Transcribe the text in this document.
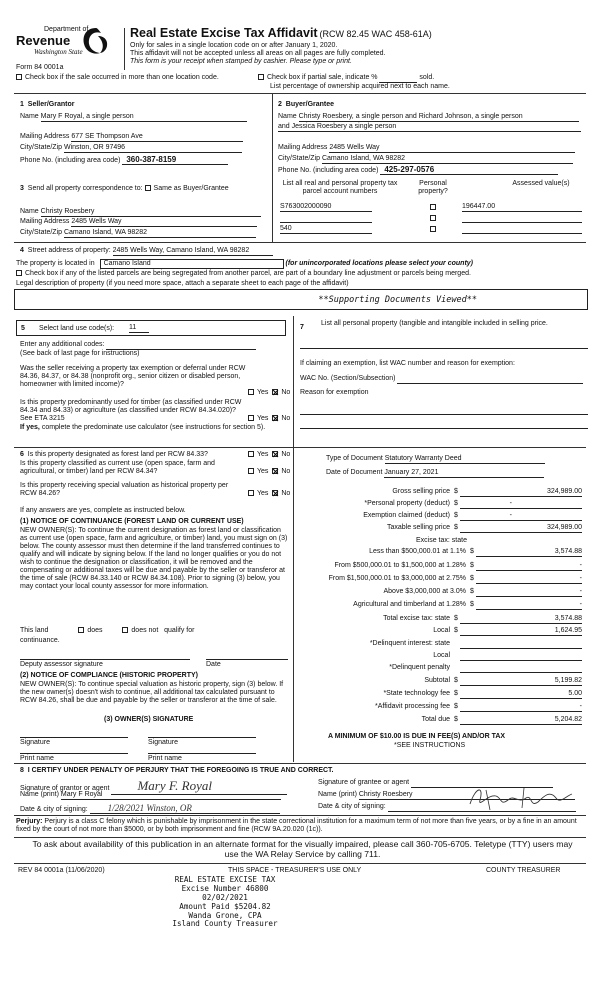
Department of
Revenue
Washington State
Form 84 0001a
Real Estate Excise Tax Affidavit (RCW 82.45 WAC 458-61A)
Only for sales in a single location code on or after January 1, 2020.
This affidavit will not be accepted unless all areas on all pages are fully completed.
This form is your receipt when stamped by cashier. Please type or print.
Check box if the sale occurred in more than one location code.	Check box if partial sale, indicate %	sold.
List percentage of ownership acquired next to each name.
1 Seller/Grantor
Name Mary F Royal, a single person
Mailing Address 677 SE Thompson Ave
City/State/Zip Winston, OR 97496
Phone No. (including area code) 360-387-8159
2 Buyer/Grantee
Name Christy Roesbery, a single person and Richard Johnson, a single person
and Jessica Roesbery a single person
Mailing Address 2485 Wells Way
City/State/Zip Camano Island, WA 98282
Phone No. (including area code) 425-297-0576
3 Send all property correspondence to: Same as Buyer/Grantee
Name Christy Roesbery
Mailing Address 2485 Wells Way
City/State/Zip Camano Island, WA 98282
List all real and personal property tax parcel account numbers
Personal property?
Assessed value(s)
S763002000090	196447.00

540

4 Street address of property: 2485 Wells Way, Camano Island, WA 98282
The property is located in Camano Island	(for unincorporated locations please select your county)
Check box if any of the listed parcels are being segregated from another parcel, are part of a boundary line adjustment or parcels being merged.
Legal description of property (if you need more space, attach a separate sheet to each page of the affidavit)
**Supporting Documents Viewed**
5 Select land use code(s): 11
Enter any additional codes:
(See back of last page for instructions)
Was the seller receiving a property tax exemption or deferral under RCW 84.36, 84.37, or 84.38 (nonprofit org., senior citizen or disabled person, homeowner with limited income)?
Yes No
Is this property predominantly used for timber (as classified under RCW 84.34 and 84.33) or agriculture (as classified under RCW 84.34.020)? See ETA 3215	Yes No
If yes, complete the predominate use calculator (see instructions for section 5).
7
List all personal property (tangible and intangible included in selling price.

If claiming an exemption, list WAC number and reason for exemption:
WAC No. (Section/Subsection)
Reason for exemption

6 Is this property designated as forest land per RCW 84.33?	Yes No
Is this property classified as current use (open space, farm and agricultural, or timber) land per RCW 84.34?	Yes No
Is this property receiving special valuation as historical property per RCW 84.26?	Yes No
If any answers are yes, complete as instructed below.
(1) NOTICE OF CONTINUANCE (FOREST LAND OR CURRENT USE)
NEW OWNER(S): To continue the current designation as forest land or classification as current use (open space, farm and agriculture, or timber) land, you must sign on (3) below. The county assessor must then determine if the land transferred continues to qualify and will indicate by signing below. If the land no longer qualifies or you do not wish to continue the designation or classification, it will be removed and the compensating or additional taxes will be due and payable by the seller or transferor at the time of sale (RCW 84.33.140 or RCW 84.34.108). Prior to signing (3) below, you may contact your local county assessor for more information.
This land	does	does not qualify for
continuance.

Deputy assessor signature	Date
(2) NOTICE OF COMPLIANCE (HISTORIC PROPERTY)
NEW OWNER(S): To continue special valuation as historic property, sign (3) below. If the new owner(s) doesn't wish to continue, all additional tax calculated pursuant to RCW 84.26, shall be due and payable by the seller or transferor at the time of sale.
(3) OWNER(S) SIGNATURE

Signature	Signature

Print name	Print name
Type of Document Statutory Warranty Deed
Date of Document January 27, 2021
Gross selling price $	324,989.00
*Personal property (deduct) $	-
Exemption claimed (deduct) $	-
Taxable selling price $	324,989.00
Excise tax: state
Less than $500,000.01 at 1.1% $	3,574.88
From $500,000.01 to $1,500,000 at 1.28% $	-
From $1,500,000.01 to $3,000,000 at 2.75% $	-
Above $3,000,000 at 3.0% $	-
Agricultural and timberland at 1.28% $	-
Total excise tax: state $	3,574.88
Local $	1,624.95
*Delinquent interest: state

Local

*Delinquent penalty

Subtotal $	5,199.82
*State technology fee $	5.00
*Affidavit processing fee $	-
Total due $	5,204.82
A MINIMUM OF $10.00 IS DUE IN FEE(S) AND/OR TAX
*SEE INSTRUCTIONS
8 I CERTIFY UNDER PENALTY OF PERJURY THAT THE FOREGOING IS TRUE AND CORRECT.
Signature of grantor or agent         Mary F. Royal
Name (print) Mary F Royal
Date & city of signing: 1/28/2021 Winston, OR
Signature of grantee or agent
Name (print) Christy Roesbery
Date & city of signing:
Perjury: Perjury is a class C felony which is punishable by imprisonment in the state correctional institution for a maximum term of not more than five years, or by a fine in an amount fixed by the court of not more than $5000, or by both imprisonment and fine (RCW 9A.20.020 (1c)).
To ask about availability of this publication in an alternate format for the visually impaired, please call 360-705-6705. Teletype (TTY) users may use the WA Relay Service by calling 711.
REV 84 0001a (11/06/2020)	THIS SPACE - TREASURER'S USE ONLY	COUNTY TREASURER
REAL ESTATE EXCISE TAX
Excise Number 46800
02/02/2021
Amount Paid $5204.82
Wanda Grone, CPA
Island County Treasurer
